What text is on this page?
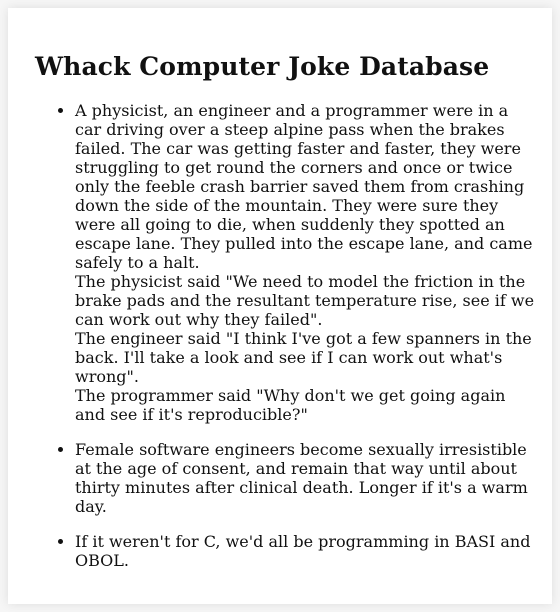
Whack Computer Joke Database
• A physicist, an engineer and a programmer were in a car driving over a steep alpine pass when the brakes failed. The car was getting faster and faster, they were struggling to get round the corners and once or twice only the feeble crash barrier saved them from crashing down the side of the mountain. They were sure they were all going to die, when suddenly they spotted an escape lane. They pulled into the escape lane, and came safely to a halt.
The physicist said "We need to model the friction in the brake pads and the resultant temperature rise, see if we can work out why they failed".
The engineer said "I think I've got a few spanners in the back. I'll take a look and see if I can work out what's wrong".
The programmer said "Why don't we get going again and see if it's reproducible?"
• Female software engineers become sexually irresistible at the age of consent, and remain that way until about thirty minutes after clinical death. Longer if it's a warm day.
• If it weren't for C, we'd all be programming in BASI and OBOL.
